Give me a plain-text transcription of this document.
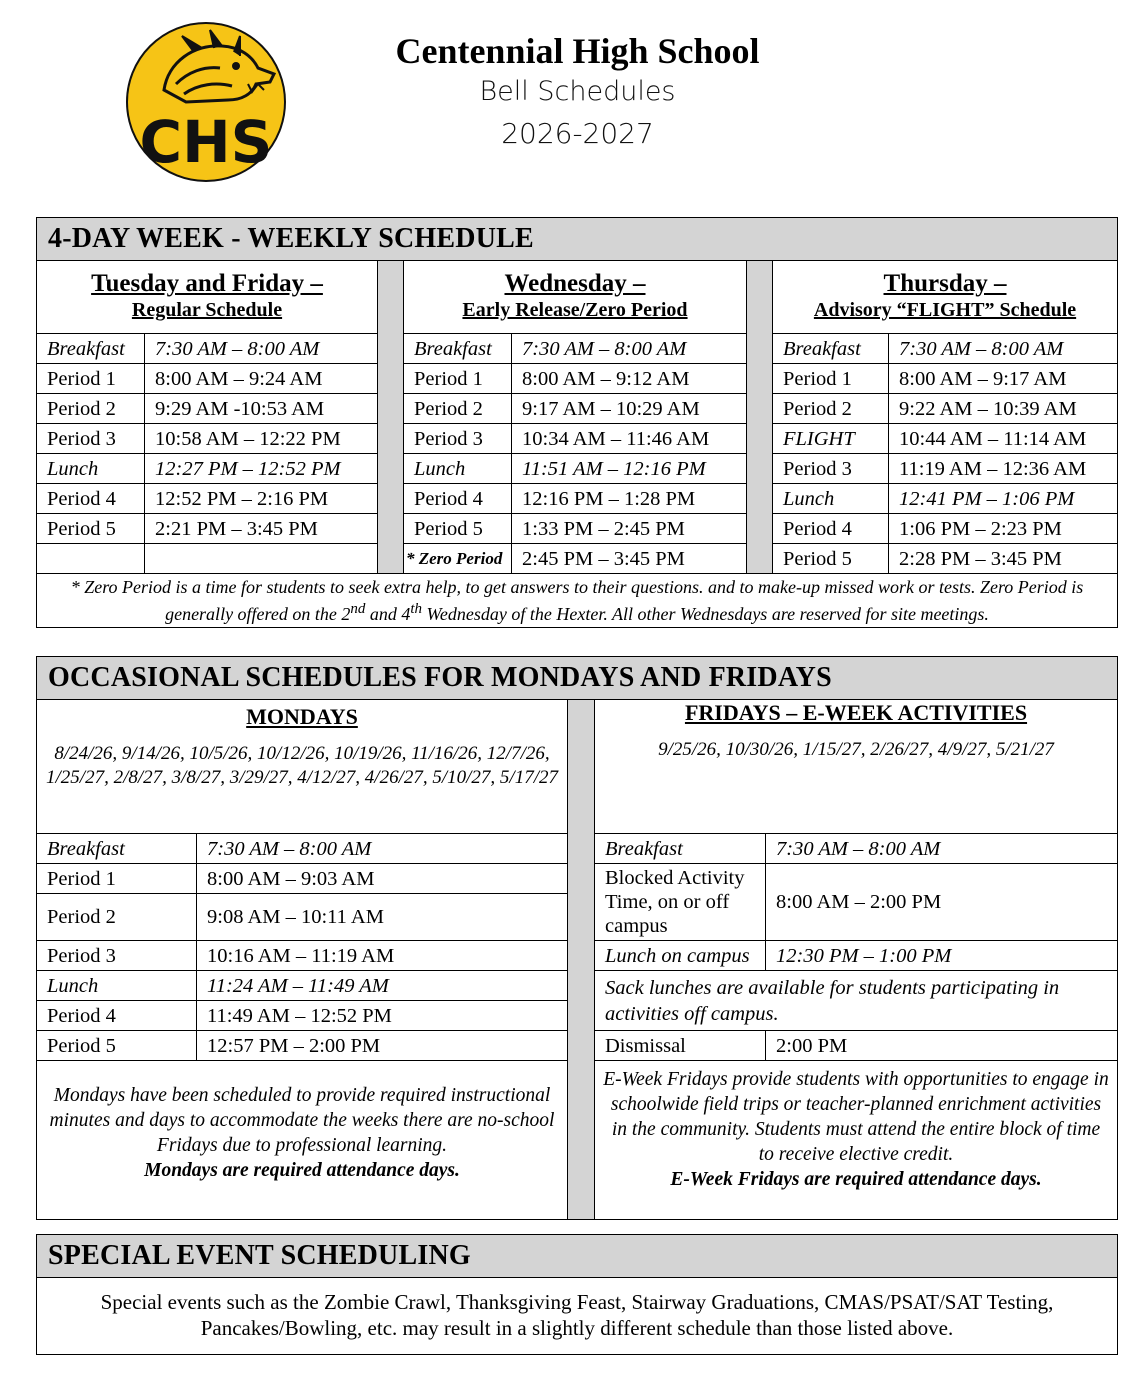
CHS
Centennial High School
Bell Schedules
2026-2027
4-DAY WEEK - WEEKLY SCHEDULE							

Tuesday and Friday –
Regular Schedule			Wednesday –
Early Release/Zero Period			Thursday –
Advisory “FLIGHT” Schedule	

Breakfast	7:30 AM – 8:00 AM		Breakfast	7:30 AM – 8:00 AM		Breakfast	7:30 AM – 8:00 AM
Period 1	8:00 AM – 9:24 AM		Period 1	8:00 AM – 9:12 AM		Period 1	8:00 AM – 9:17 AM
Period 2	9:29 AM -10:53 AM		Period 2	9:17 AM – 10:29 AM		Period 2	9:22 AM – 10:39 AM
Period 3	10:58 AM – 12:22 PM		Period 3	10:34 AM – 11:46 AM		FLIGHT	10:44 AM – 11:14 AM
Lunch	12:27 PM – 12:52 PM		Lunch	11:51 AM – 12:16 PM		Period 3	11:19 AM – 12:36 AM
Period 4	12:52 PM – 2:16 PM		Period 4	12:16 PM – 1:28 PM		Lunch	12:41 PM – 1:06 PM
Period 5	2:21 PM – 3:45 PM		Period 5	1:33 PM – 2:45 PM		Period 4	1:06 PM – 2:23 PM
			* Zero Period	2:45 PM – 3:45 PM		Period 5	2:28 PM – 3:45 PM
* Zero Period is a time for students to seek extra help, to get answers to their questions. and to make-up missed work or tests. Zero Period is generally offered on the 2nd and 4th Wednesday of the Hexter. All other Wednesdays are reserved for site meetings.							
OCCASIONAL SCHEDULES FOR MONDAYS AND FRIDAYS				

MONDAYS
8/24/26, 9/14/26, 10/5/26, 10/12/26, 10/19/26, 11/16/26, 12/7/26, 1/25/27, 2/8/27, 3/8/27, 3/29/27, 4/12/27, 4/26/27, 5/10/27, 5/17/27			FRIDAYS – E-WEEK ACTIVITIES
9/25/26, 10/30/26, 1/15/27, 2/26/27, 4/9/27, 5/21/27	

Breakfast	7:30 AM – 8:00 AM		Breakfast	7:30 AM – 8:00 AM
Period 1	8:00 AM – 9:03 AM		Blocked Activity Time, on or off campus	8:00 AM – 2:00 PM
Period 2	9:08 AM – 10:11 AM			
Period 3	10:16 AM – 11:19 AM		Lunch on campus	12:30 PM – 1:00 PM
Lunch	11:24 AM – 11:49 AM		Sack lunches are available for students participating in activities off campus.	
Period 4	11:49 AM – 12:52 PM			
Period 5	12:57 PM – 2:00 PM		Dismissal	2:00 PM
Mondays have been scheduled to provide required instructional minutes and days to accommodate the weeks there are no-school Fridays due to professional learning.
Mondays are required attendance days.			E-Week Fridays provide students with opportunities to engage in schoolwide field trips or teacher-planned enrichment activities in the community. Students must attend the entire block of time to receive elective credit.
E-Week Fridays are required attendance days.	
SPECIAL EVENT SCHEDULING
Special events such as the Zombie Crawl, Thanksgiving Feast, Stairway Graduations, CMAS/PSAT/SAT Testing, Pancakes/Bowling, etc. may result in a slightly different schedule than those listed above.
